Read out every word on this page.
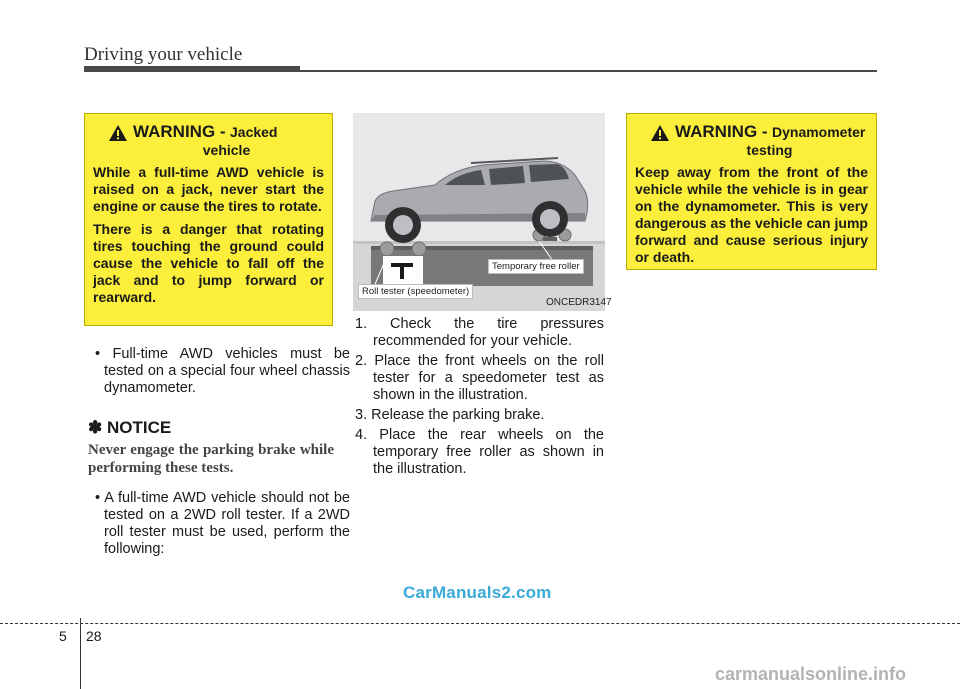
Driving your vehicle
WARNING - Jacked
vehicle

While a full-time AWD vehicle is raised on a jack, never start the engine or cause the tires to rotate.

There is a danger that rotating tires touching the ground could cause the vehicle to fall off the jack and to jump forward or rearward.

• Full-time AWD vehicles must be tested on a special four wheel chassis dynamometer.
✽ NOTICE
Never engage the parking brake while performing these tests.
• A full-time AWD vehicle should not be tested on a 2WD roll tester. If a 2WD roll tester must be used, perform the following:
Temporary free roller
Roll tester (speedometer)
ONCEDR3147

1. Check the tire pressures recommended for your vehicle.

2. Place the front wheels on the roll tester for a speedometer test as shown in the illustration.

3. Release the parking brake.

4. Place the rear wheels on the temporary free roller as shown in the illustration.

WARNING - Dynamometer
testing

Keep away from the front of the vehicle while the vehicle is in gear on the dynamometer. This is very dangerous as the vehicle can jump forward and cause serious injury or death.

CarManuals2.com
5 28
carmanualsonline.info
